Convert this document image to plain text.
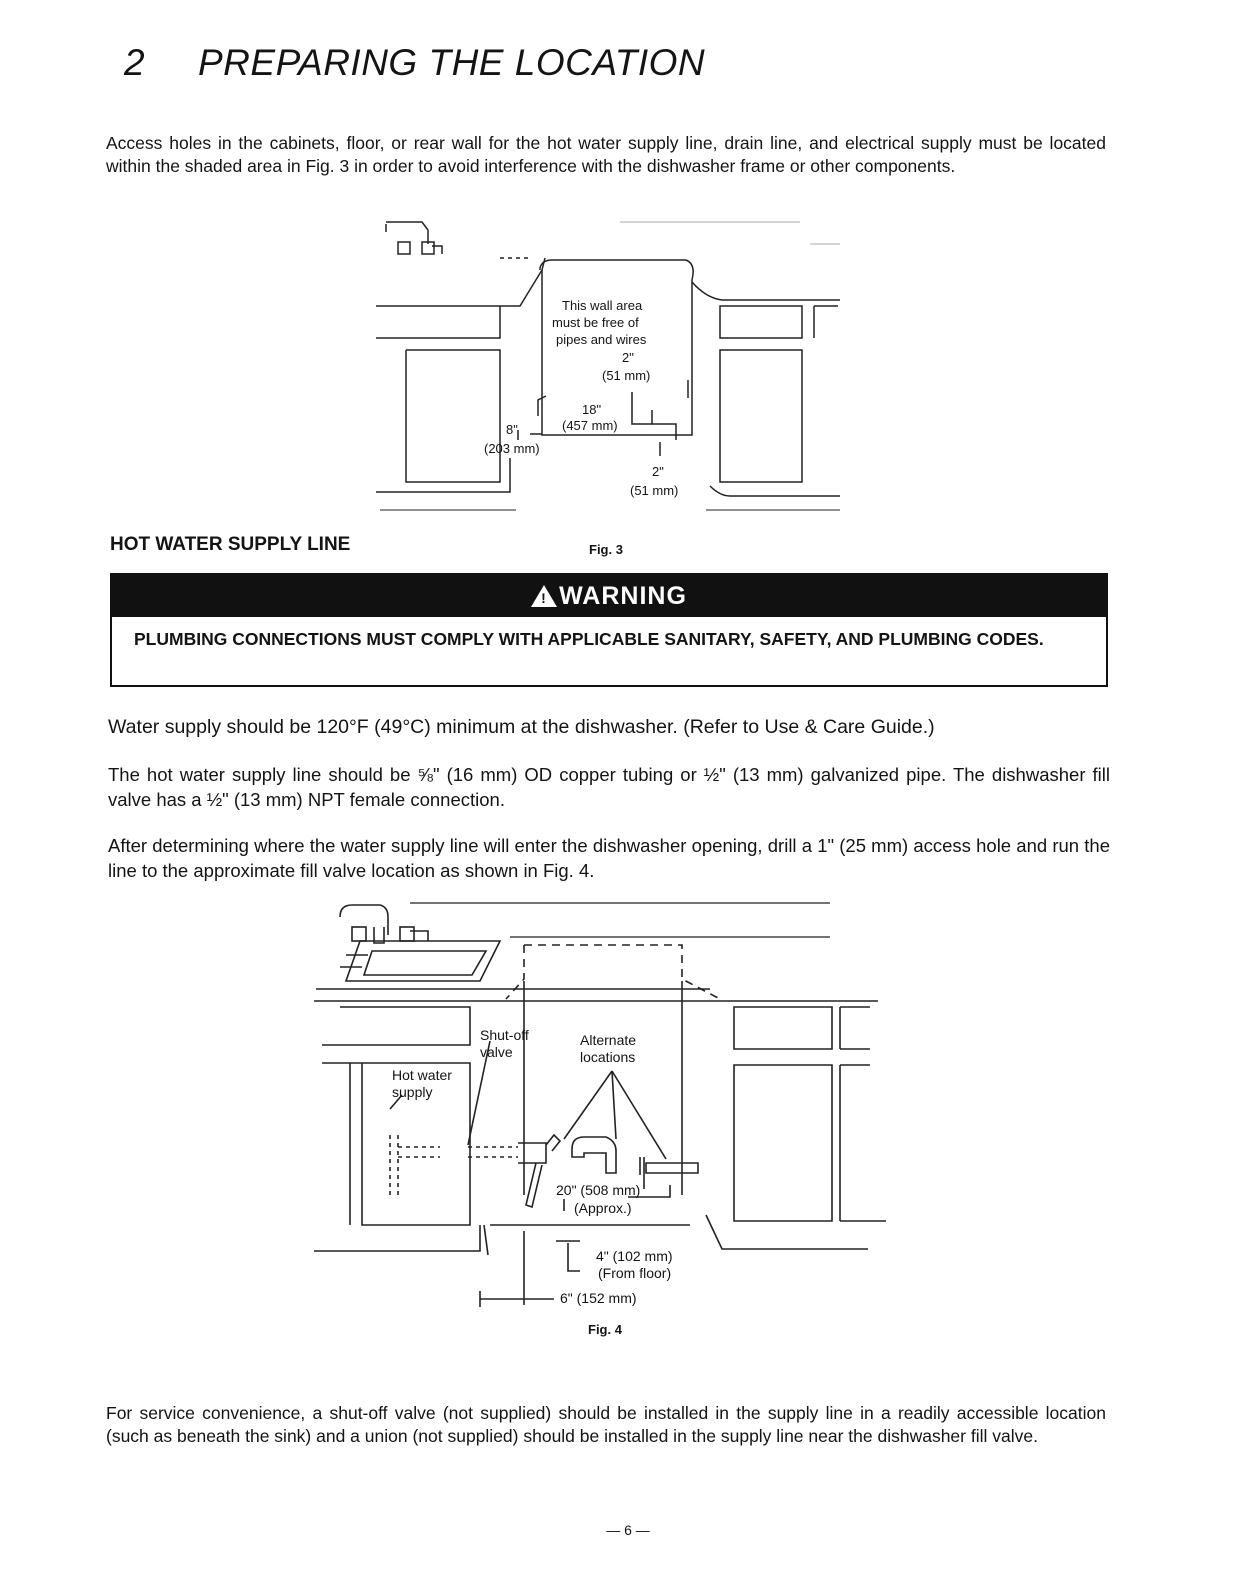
2 PREPARING THE LOCATION
Access holes in the cabinets, floor, or rear wall for the hot water supply line, drain line, and electrical supply must be located within the shaded area in Fig. 3 in order to avoid interference with the dishwasher frame or other components.
This wall area
must be free of
pipes and wires
2"
(51 mm)
18"
(457 mm)
8"
(203 mm)
2"
(51 mm)
HOT WATER SUPPLY LINE	Fig. 3
! WARNING
PLUMBING CONNECTIONS MUST COMPLY WITH APPLICABLE SANITARY, SAFETY, AND PLUMBING CODES.
Water supply should be 120°F (49°C) minimum at the dishwasher. (Refer to Use & Care Guide.)
The hot water supply line should be ⅝" (16 mm) OD copper tubing or ½" (13 mm) galvanized pipe. The dishwasher fill valve has a ½" (13 mm) NPT female connection.
After determining where the water supply line will enter the dishwasher opening, drill a 1" (25 mm) access hole and run the line to the approximate fill valve location as shown in Fig. 4.
Shut-off
valve
Alternate
locations
Hot water
supply
20" (508 mm)
(Approx.)
4" (102 mm)
(From floor)
6" (152 mm)
Fig. 4
For service convenience, a shut-off valve (not supplied) should be installed in the supply line in a readily accessible location (such as beneath the sink) and a union (not supplied) should be installed in the supply line near the dishwasher fill valve.
— 6 —
